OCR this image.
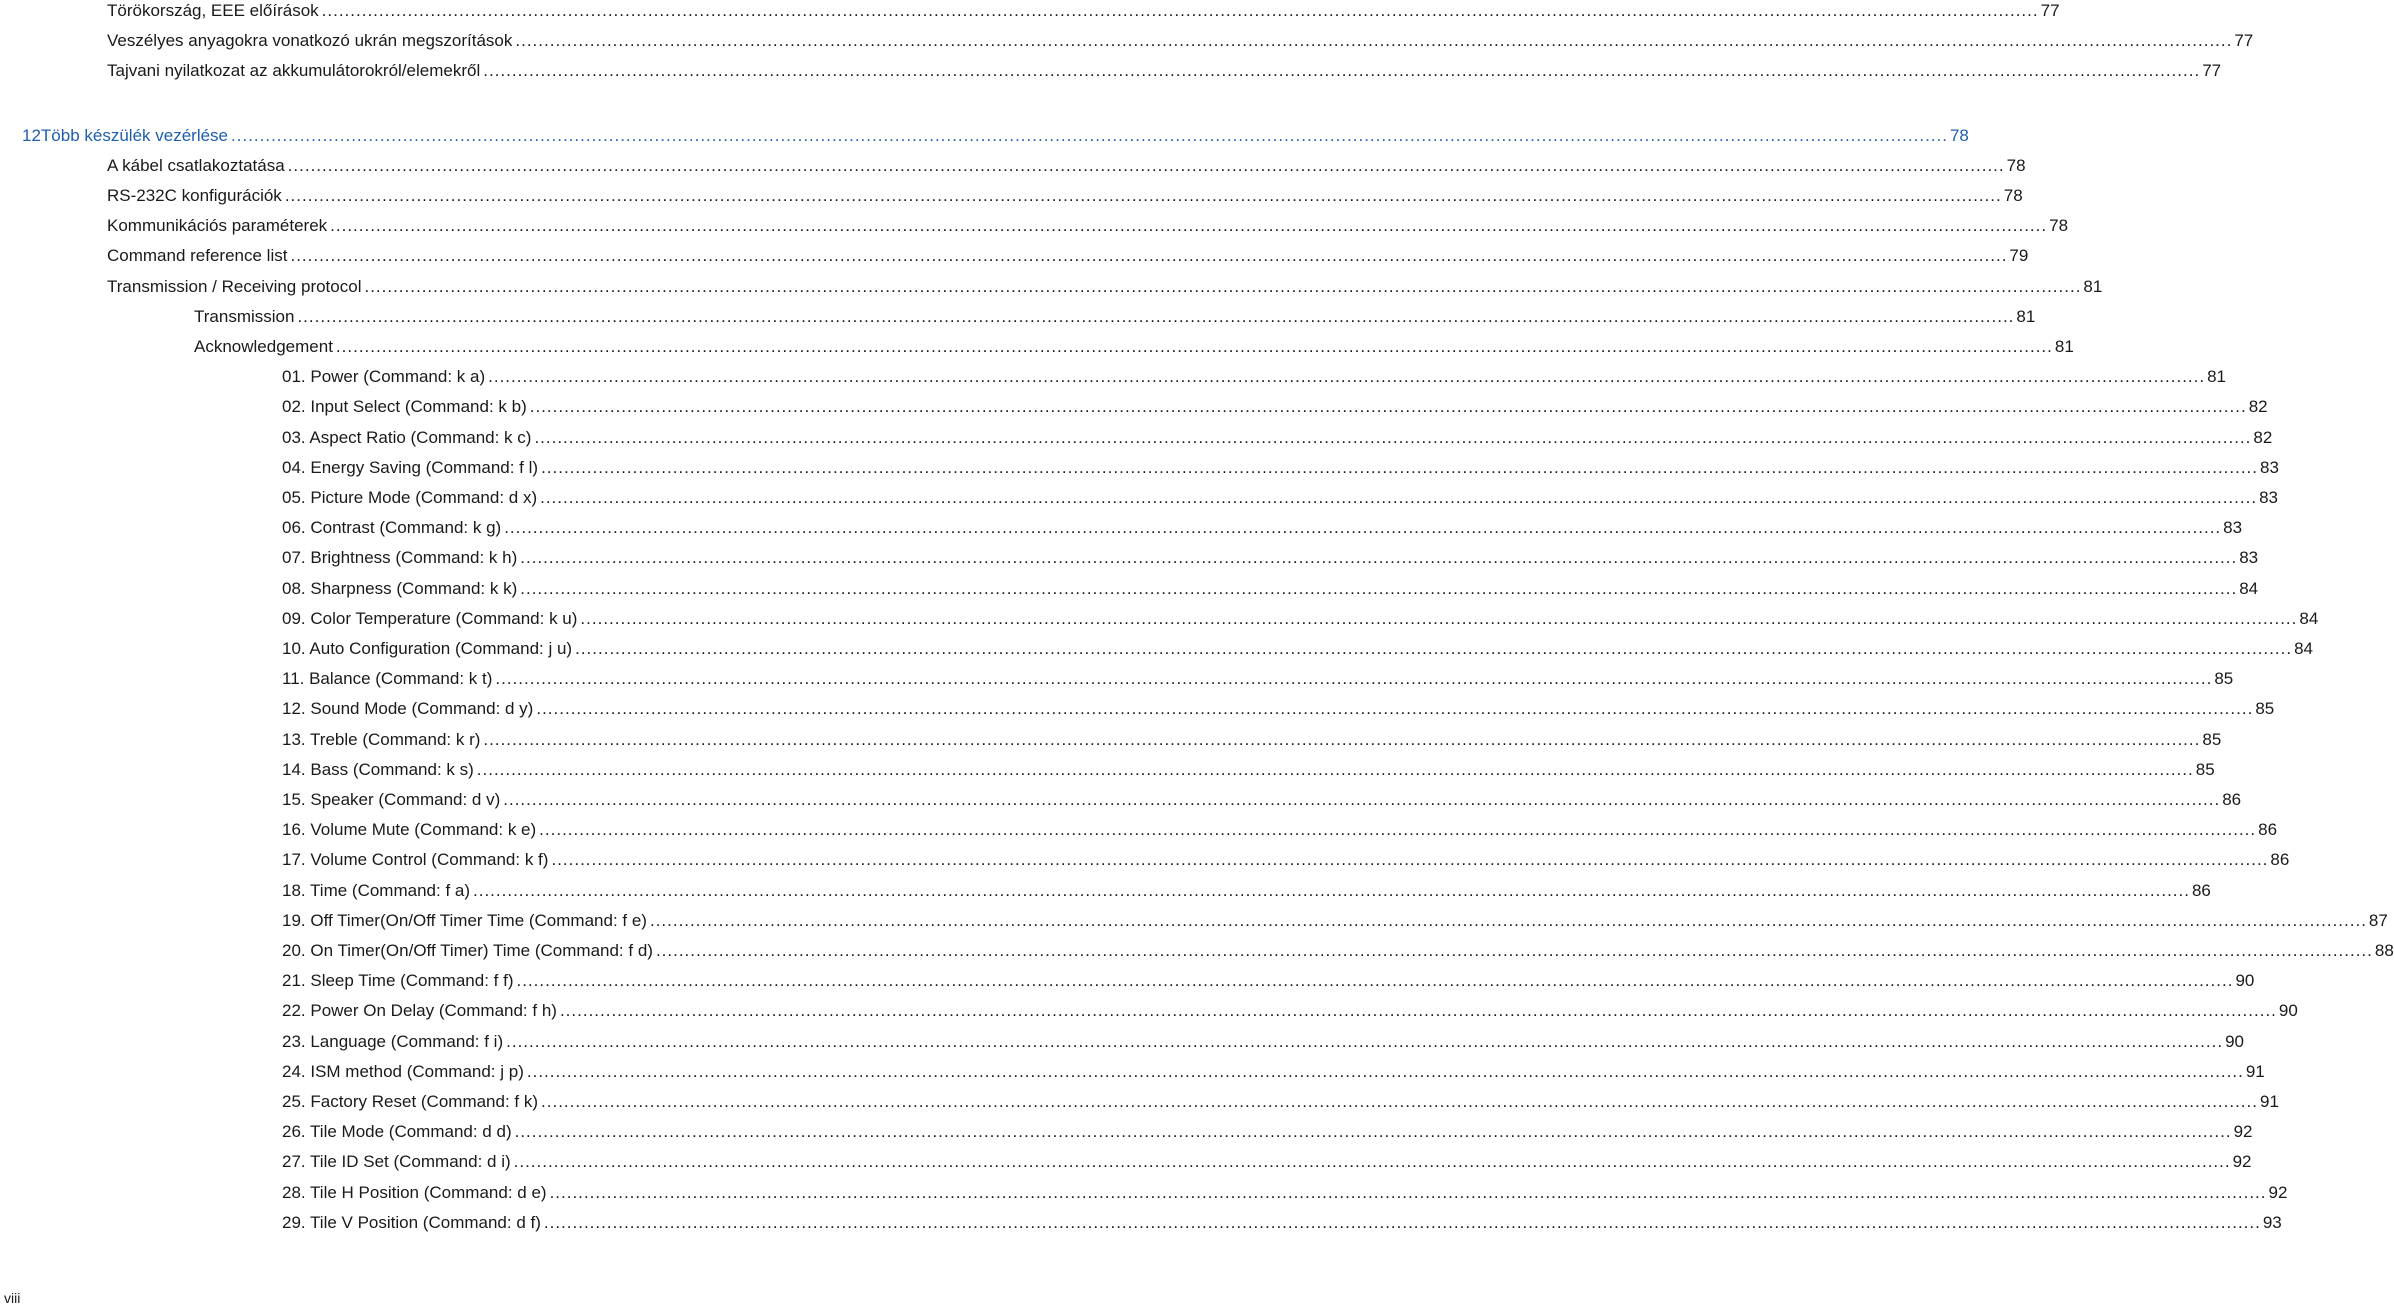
Törökország, EEE előírások ............................................................................................................................................................................................................................................................................................................ 77
Veszélyes anyagokra vonatkozó ukrán megszorítások ............................................................................................................................................................................................................................................................................................................ 77
Tajvani nyilatkozat az akkumulátorokról/elemekről ............................................................................................................................................................................................................................................................................................................ 77
12 Több készülék vezérlése ............................................................................................................................................................................................................................................................................................................ 78
A kábel csatlakoztatása ............................................................................................................................................................................................................................................................................................................ 78
RS-232C konfigurációk ............................................................................................................................................................................................................................................................................................................ 78
Kommunikációs paraméterek ............................................................................................................................................................................................................................................................................................................ 78
Command reference list ............................................................................................................................................................................................................................................................................................................ 79
Transmission / Receiving protocol ............................................................................................................................................................................................................................................................................................................ 81
Transmission ............................................................................................................................................................................................................................................................................................................ 81
Acknowledgement ............................................................................................................................................................................................................................................................................................................ 81
01. Power (Command: k a) ............................................................................................................................................................................................................................................................................................................ 81
02. Input Select (Command: k b) ............................................................................................................................................................................................................................................................................................................ 82
03. Aspect Ratio (Command: k c) ............................................................................................................................................................................................................................................................................................................ 82
04. Energy Saving (Command: f l) ............................................................................................................................................................................................................................................................................................................ 83
05. Picture Mode (Command: d x) ............................................................................................................................................................................................................................................................................................................ 83
06. Contrast (Command: k g) ............................................................................................................................................................................................................................................................................................................ 83
07. Brightness (Command: k h) ............................................................................................................................................................................................................................................................................................................ 83
08. Sharpness (Command: k k) ............................................................................................................................................................................................................................................................................................................ 84
09. Color Temperature (Command: k u) ............................................................................................................................................................................................................................................................................................................ 84
10. Auto Configuration (Command: j u) ............................................................................................................................................................................................................................................................................................................ 84
11. Balance (Command: k t) ............................................................................................................................................................................................................................................................................................................ 85
12. Sound Mode (Command: d y) ............................................................................................................................................................................................................................................................................................................ 85
13. Treble (Command: k r) ............................................................................................................................................................................................................................................................................................................ 85
14. Bass (Command: k s) ............................................................................................................................................................................................................................................................................................................ 85
15. Speaker (Command: d v) ............................................................................................................................................................................................................................................................................................................ 86
16. Volume Mute (Command: k e) ............................................................................................................................................................................................................................................................................................................ 86
17. Volume Control (Command: k f) ............................................................................................................................................................................................................................................................................................................ 86
18. Time (Command: f a) ............................................................................................................................................................................................................................................................................................................ 86
19. Off Timer(On/Off Timer Time (Command: f e) ............................................................................................................................................................................................................................................................................................................ 87
20. On Timer(On/Off Timer) Time (Command: f d) ............................................................................................................................................................................................................................................................................................................ 88
21. Sleep Time (Command: f f) ............................................................................................................................................................................................................................................................................................................ 90
22. Power On Delay (Command: f h) ............................................................................................................................................................................................................................................................................................................ 90
23. Language (Command: f i) ............................................................................................................................................................................................................................................................................................................ 90
24. ISM method (Command: j p) ............................................................................................................................................................................................................................................................................................................ 91
25. Factory Reset (Command: f k) ............................................................................................................................................................................................................................................................................................................ 91
26. Tile Mode (Command: d d) ............................................................................................................................................................................................................................................................................................................ 92
27. Tile ID Set (Command: d i) ............................................................................................................................................................................................................................................................................................................ 92
28. Tile H Position (Command: d e) ............................................................................................................................................................................................................................................................................................................ 92
29. Tile V Position (Command: d f) ............................................................................................................................................................................................................................................................................................................ 93
viii
